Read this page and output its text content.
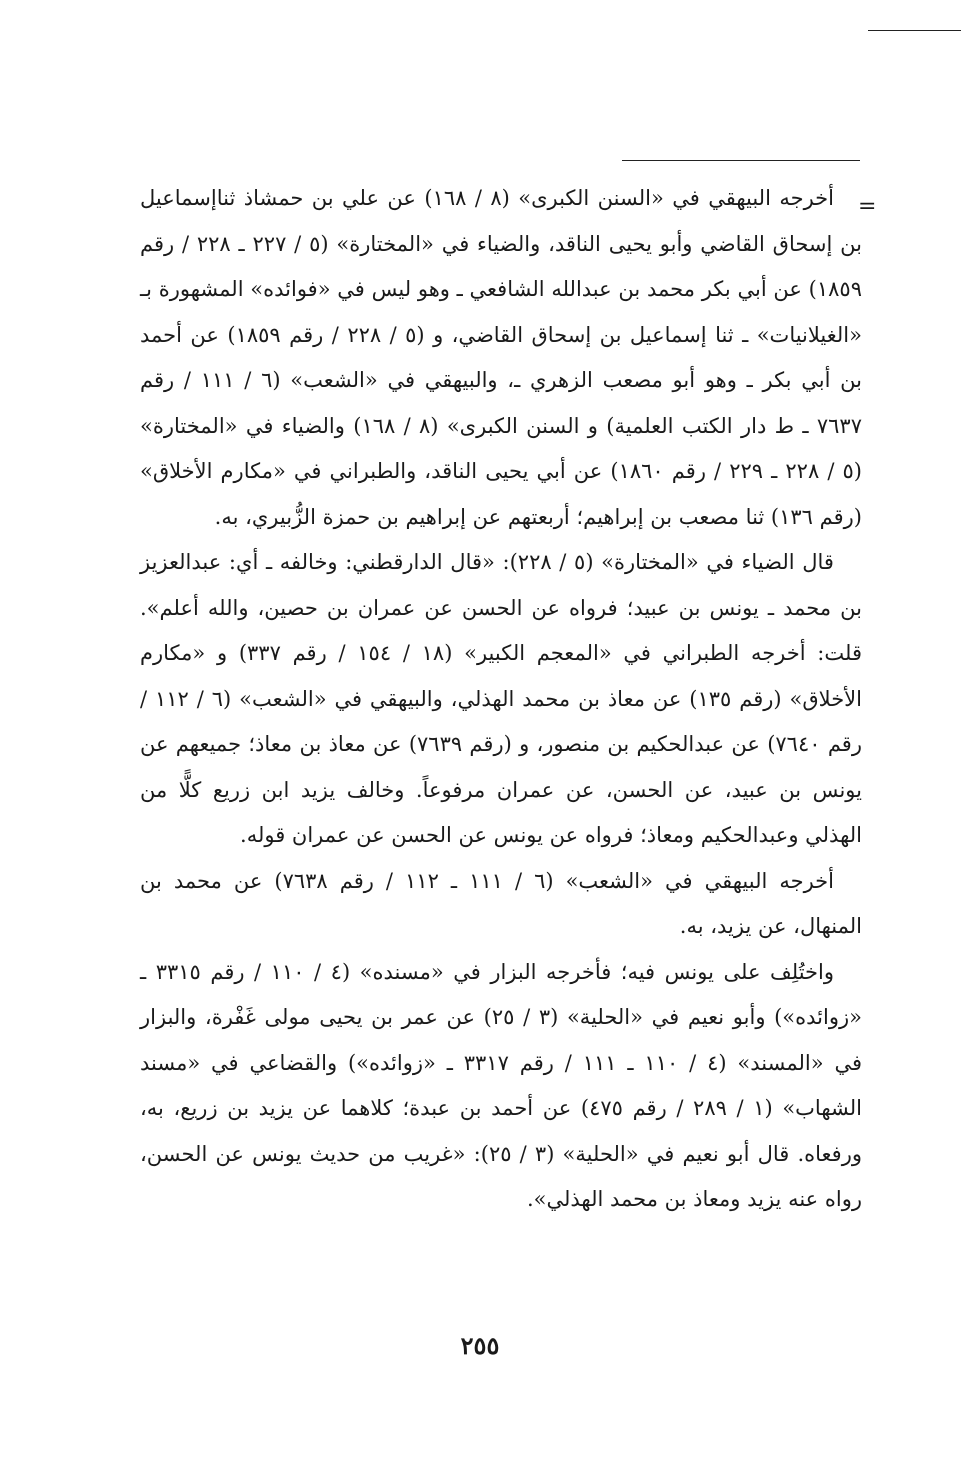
=

أخرجه البيهقي في «السنن الكبرى» (٨ / ١٦٨) عن علي بن حمشاذ ثناإسماعيل بن إسحاق القاضي وأبو يحيى الناقد، والضياء في «المختارة» (٥ / ٢٢٧ ـ ٢٢٨ / رقم ١٨٥٩) عن أبي بكر محمد بن عبدالله الشافعي ـ وهو ليس في «فوائده» المشهورة بـ «الغيلانيات» ـ ثنا إسماعيل بن إسحاق القاضي، و (٥ / ٢٢٨ / رقم ١٨٥٩) عن أحمد بن أبي بكر ـ وهو أبو مصعب الزهري ـ، والبيهقي في «الشعب» (٦ / ١١١ / رقم ٧٦٣٧ ـ ط دار الكتب العلمية) و السنن الكبرى» (٨ / ١٦٨) والضياء في «المختارة» (٥ / ٢٢٨ ـ ٢٢٩ / رقم ١٨٦٠) عن أبي يحيى الناقد، والطبراني في «مكارم الأخلاق» (رقم ١٣٦) ثنا مصعب بن إبراهيم؛ أربعتهم عن إبراهيم بن حمزة الزُّبيري، به.

قال الضياء في «المختارة» (٥ / ٢٢٨): «قال الدارقطني: وخالفه ـ أي: عبدالعزيز بن محمد ـ يونس بن عبيد؛ فرواه عن الحسن عن عمران بن حصين، والله أعلم». قلت: أخرجه الطبراني في «المعجم الكبير» (١٨ / ١٥٤ / رقم ٣٣٧) و «مكارم الأخلاق» (رقم ١٣٥) عن معاذ بن محمد الهذلي، والبيهقي في «الشعب» (٦ / ١١٢ / رقم ٧٦٤٠) عن عبدالحكيم بن منصور، و (رقم ٧٦٣٩) عن معاذ بن معاذ؛ جميعهم عن يونس بن عبيد، عن الحسن، عن عمران مرفوعاً. وخالف يزيد ابن زريع كلًّا من الهذلي وعبدالحكيم ومعاذ؛ فرواه عن يونس عن الحسن عن عمران قوله.

أخرجه البيهقي في «الشعب» (٦ / ١١١ ـ ١١٢ / رقم ٧٦٣٨) عن محمد بن المنهال، عن يزيد، به.

واختُلِف على يونس فيه؛ فأخرجه البزار في «مسنده» (٤ / ١١٠ / رقم ٣٣١٥ ـ «زوائده») وأبو نعيم في «الحلية» (٣ / ٢٥) عن عمر بن يحيى مولى غَفْرة، والبزار في «المسند» (٤ / ١١٠ ـ ١١١ / رقم ٣٣١٧ ـ «زوائده») والقضاعي في «مسند الشهاب» (١ / ٢٨٩ / رقم ٤٧٥) عن أحمد بن عبدة؛ كلاهما عن يزيد بن زريع، به، ورفعاه. قال أبو نعيم في «الحلية» (٣ / ٢٥): «غريب من حديث يونس عن الحسن، رواه عنه يزيد ومعاذ بن محمد الهذلي».

٢٥٥
